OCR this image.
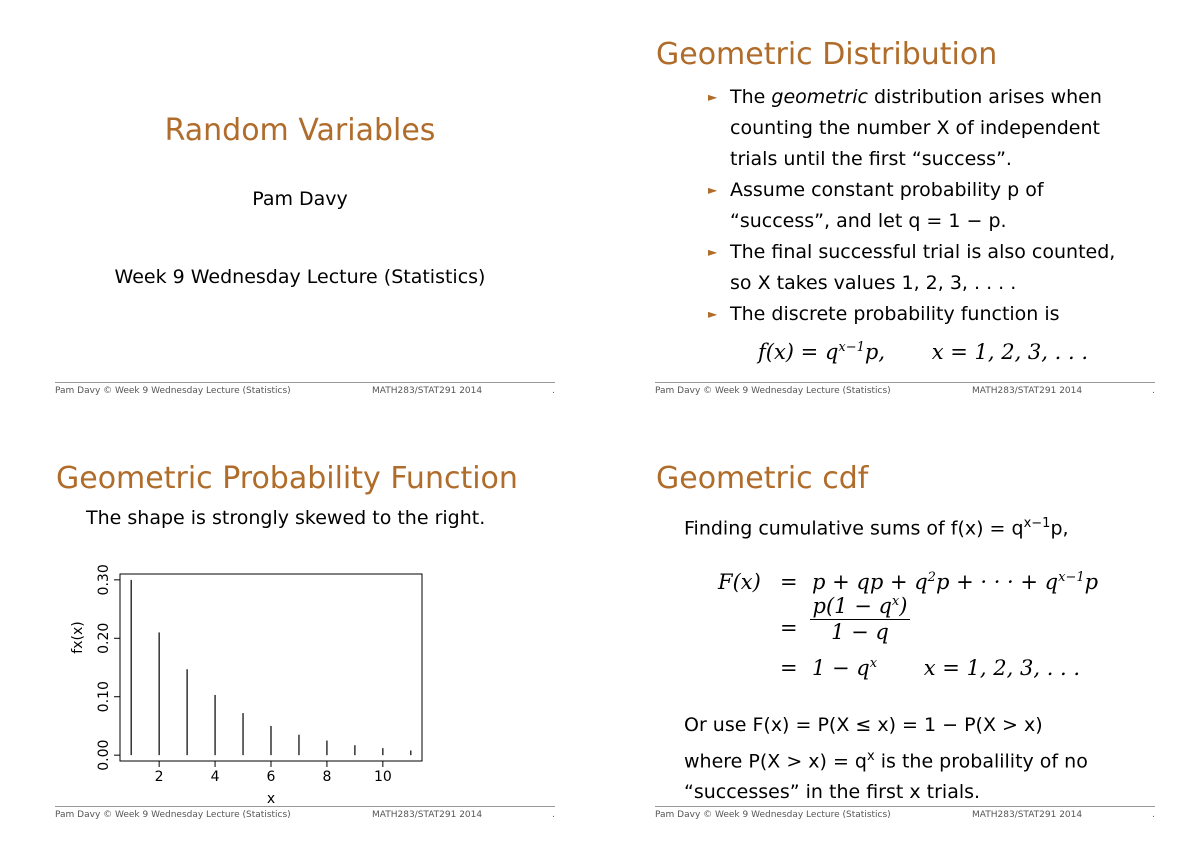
Random Variables
Pam Davy
Week 9 Wednesday Lecture (Statistics)
Pam Davy © Week 9 Wednesday Lecture (Statistics)	MATH283/STAT291 2014	.
Geometric Distribution
► The geometric distribution arises when
counting the number X of independent
trials until the first “success”.
► Assume constant probability p of
“success”, and let q = 1 − p.
► The final successful trial is also counted,
so X takes values 1, 2, 3, . . . .
► The discrete probability function is
$f(x) = q^{x-1}p$, x = 1, 2, 3, . . .
Pam Davy © Week 9 Wednesday Lecture (Statistics)	MATH283/STAT291 2014	.
Geometric Probability Function
The shape is strongly skewed to the right.
2	4	6	8	10
0.00
0.10
0.20
0.30
x
fx(x)
Pam Davy © Week 9 Wednesday Lecture (Statistics)	MATH283/STAT291 2014	.
Geometric cdf
Finding cumulative sums of $f(x) = q^{x-1}p$,
F(x) = p + qp + $q^2p$ + · · · + $q^{x-1}p$
= $\frac{p(1 - q^x)}{1 - q}$
= $1 - q^x$ x = 1, 2, 3, . . .
Or use F(x) = P(X ≤ x) = 1 − P(X > x)
where $P(X > x) = q^x$ is the probalility of no
“successes” in the first x trials.
Pam Davy © Week 9 Wednesday Lecture (Statistics)	MATH283/STAT291 2014	.
